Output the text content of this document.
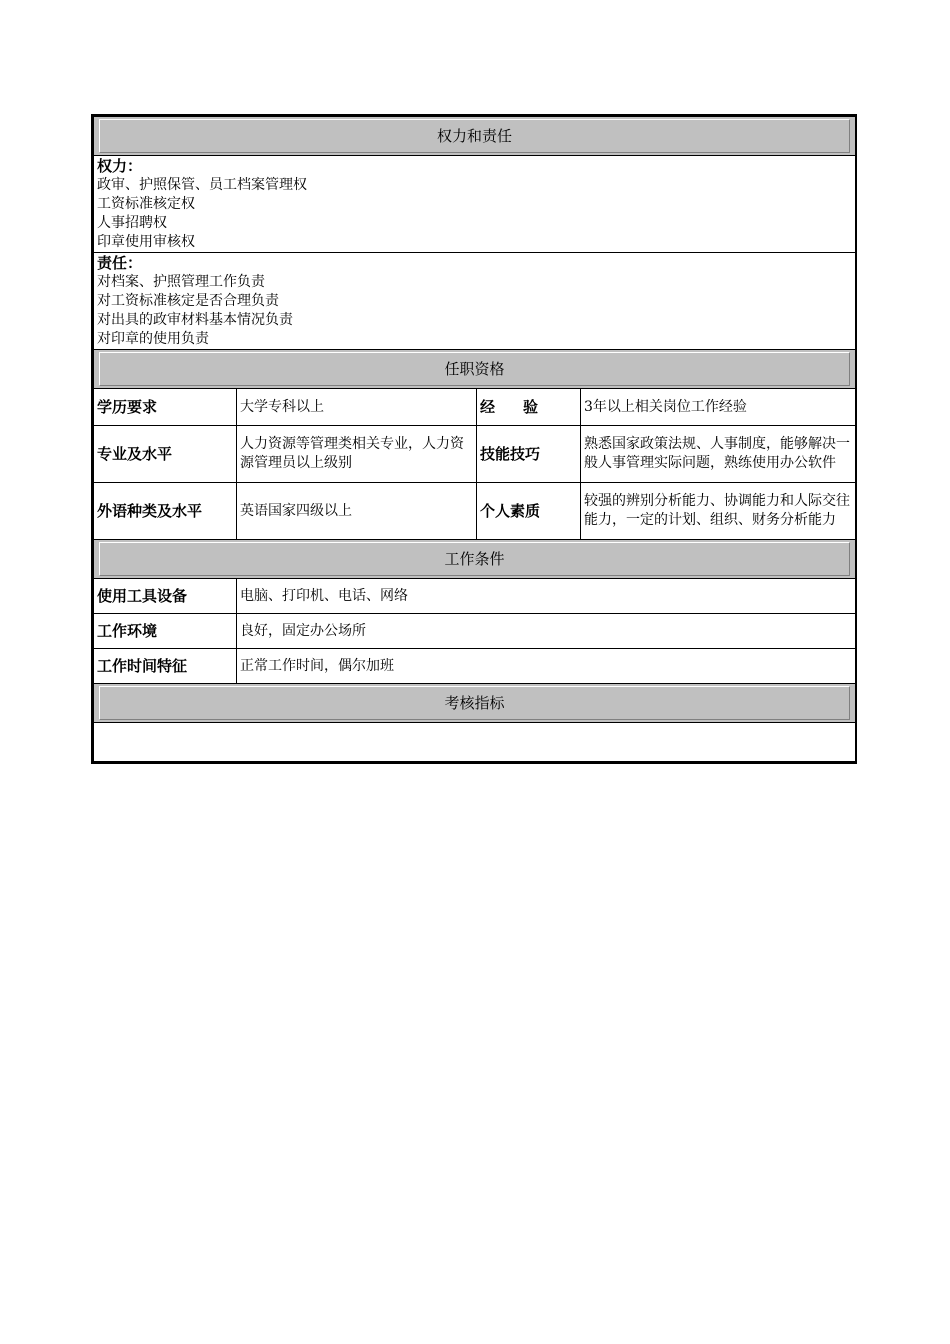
权力和责任			

权力：
政审、护照保管、员工档案管理权
工资标准核定权
人事招聘权
印章使用审核权			

责任：
对档案、护照管理工作负责
对工资标准核定是否合理负责
对出具的政审材料基本情况负责
对印章的使用负责			

任职资格			

学历要求	大学专科以上	经 验	3年以上相关岗位工作经验
专业及水平	人力资源等管理类相关专业，人力资源管理员以上级别	技能技巧	熟悉国家政策法规、人事制度，能够解决一般人事管理实际问题，熟练使用办公软件
外语种类及水平	英语国家四级以上	个人素质	较强的辨别分析能力、协调能力和人际交往能力，一定的计划、组织、财务分析能力

工作条件			

使用工具设备	电脑、打印机、电话、网络		
工作环境	良好，固定办公场所		
工作时间特征	正常工作时间，偶尔加班		

考核指标			
